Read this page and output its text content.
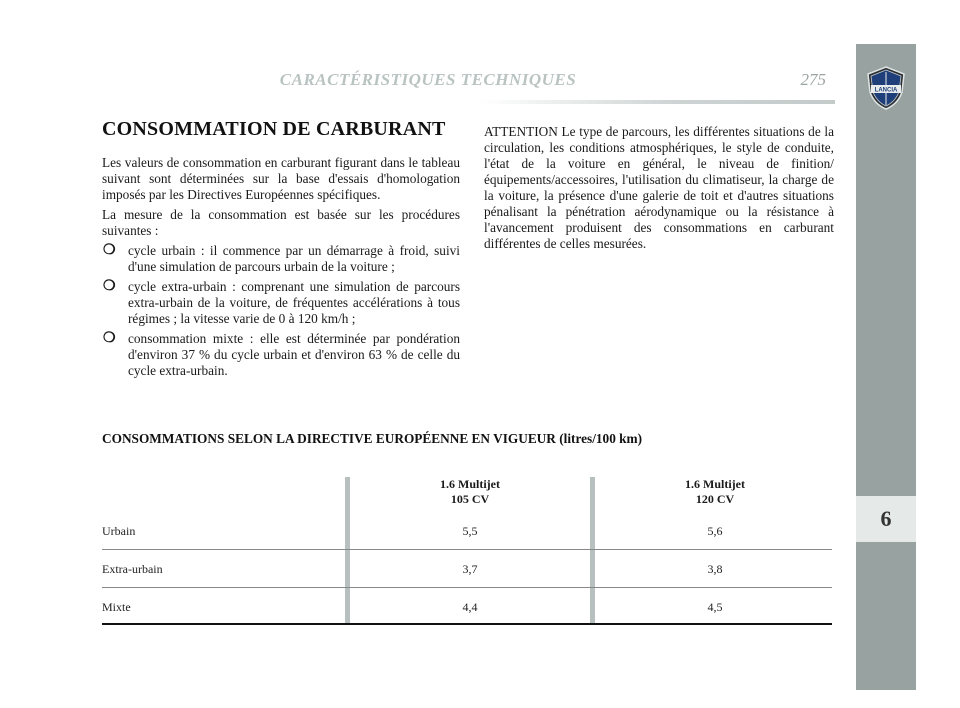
CARACTÉRISTIQUES TECHNIQUES	275
LANCIA
6
CONSOMMATION DE CARBURANT

Les valeurs de consommation en carburant figurant dans le tableau suivant sont déterminées sur la base d'essais d'homologation imposés par les Directives Européennes spécifiques.

La mesure de la consommation est basée sur les procédures suivantes :

❍ cycle urbain : il commence par un démarrage à froid, suivi d'une simulation de parcours urbain de la voiture ;
❍ cycle extra-urbain : comprenant une simulation de parcours extra-urbain de la voiture, de fréquentes accélérations à tous régimes ; la vitesse varie de 0 à 120 km/h ;
❍ consommation mixte : elle est déterminée par pondération d'environ 37 % du cycle urbain et d'environ 63 % de celle du cycle extra-urbain.

ATTENTION Le type de parcours, les différentes situations de la circulation, les conditions atmosphériques, le style de conduite, l'état de la voiture en général, le niveau de finition/équipements/accessoires, l'utilisation du climatiseur, la charge de la voiture, la présence d'une galerie de toit et d'autres situations pénalisant la pénétration aérodynamique ou la résistance à l'avancement produisent des consommations en carburant différentes de celles mesurées.

CONSOMMATIONS SELON LA DIRECTIVE EUROPÉENNE EN VIGUEUR (litres/100 km)
1.6 Multijet
105 CV
1.6 Multijet
120 CV
Urbain	5,5	5,6
Extra-urbain	3,7	3,8
Mixte	4,4	4,5
